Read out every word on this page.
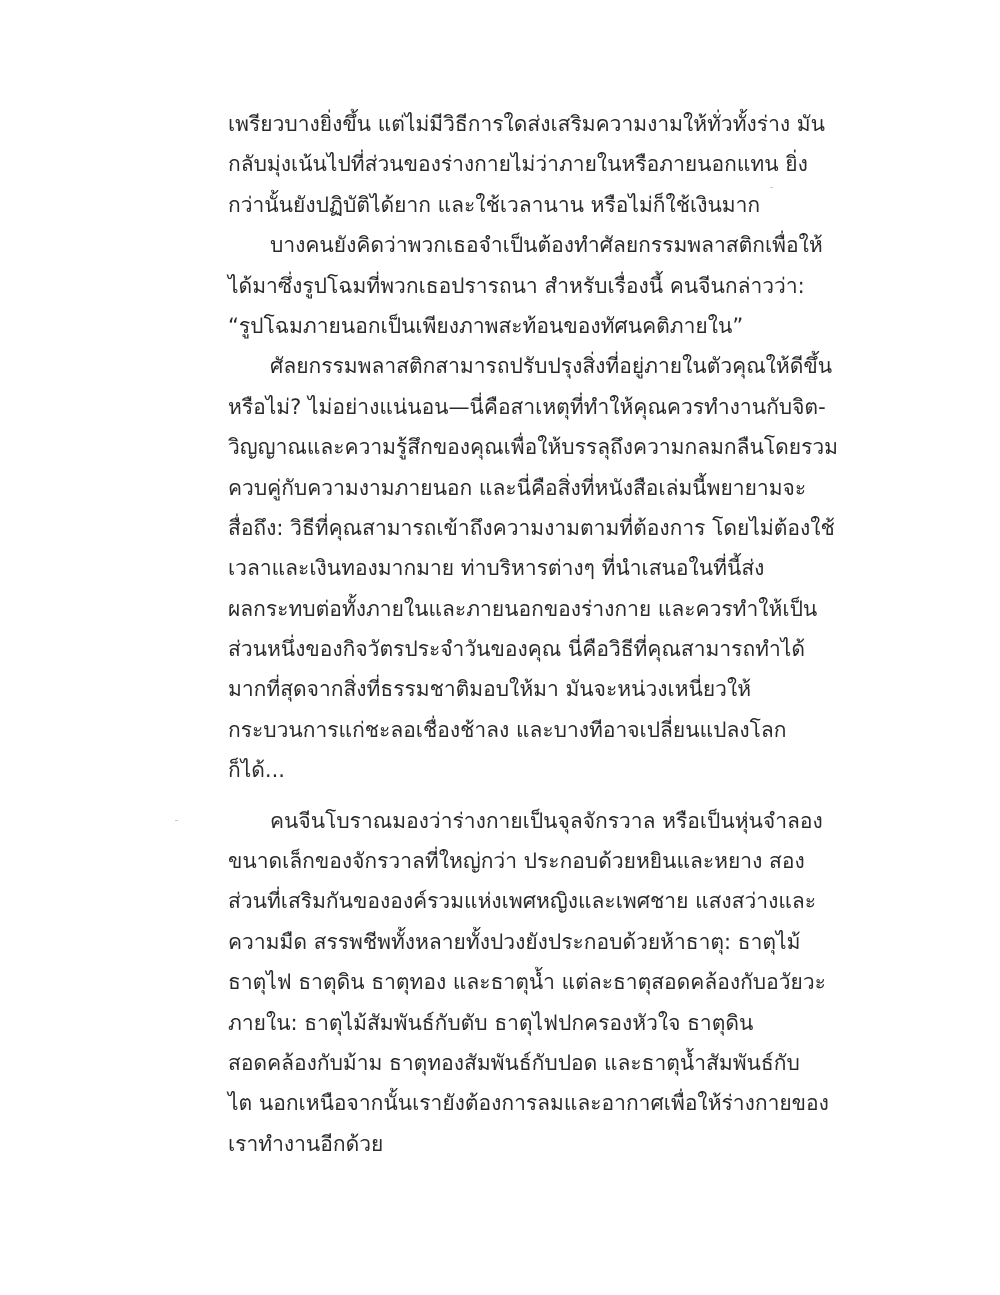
เพรียวบางยิ่งขึ้น แต่ไม่มีวิธีการใดส่งเสริมความงามให้ทั่วทั้งร่าง มัน
กลับมุ่งเน้นไปที่ส่วนของร่างกายไม่ว่าภายในหรือภายนอกแทน ยิ่ง
กว่านั้นยังปฏิบัติได้ยาก และใช้เวลานาน หรือไม่ก็ใช้เงินมาก
บางคนยังคิดว่าพวกเธอจำเป็นต้องทำศัลยกรรมพลาสติกเพื่อให้
ได้มาซึ่งรูปโฉมที่พวกเธอปรารถนา สำหรับเรื่องนี้ คนจีนกล่าวว่า:
“รูปโฉมภายนอกเป็นเพียงภาพสะท้อนของทัศนคติภายใน”
ศัลยกรรมพลาสติกสามารถปรับปรุงสิ่งที่อยู่ภายในตัวคุณให้ดีขึ้น
หรือไม่? ไม่อย่างแน่นอน—นี่คือสาเหตุที่ทำให้คุณควรทำงานกับจิต-
วิญญาณและความรู้สึกของคุณเพื่อให้บรรลุถึงความกลมกลืนโดยรวม
ควบคู่กับความงามภายนอก และนี่คือสิ่งที่หนังสือเล่มนี้พยายามจะ
สื่อถึง: วิธีที่คุณสามารถเข้าถึงความงามตามที่ต้องการ โดยไม่ต้องใช้
เวลาและเงินทองมากมาย ท่าบริหารต่างๆ ที่นำเสนอในที่นี้ส่ง
ผลกระทบต่อทั้งภายในและภายนอกของร่างกาย และควรทำให้เป็น
ส่วนหนึ่งของกิจวัตรประจำวันของคุณ นี่คือวิธีที่คุณสามารถทำได้
มากที่สุดจากสิ่งที่ธรรมชาติมอบให้มา มันจะหน่วงเหนี่ยวให้
กระบวนการแก่ชะลอเชื่องช้าลง และบางทีอาจเปลี่ยนแปลงโลก
ก็ได้...
คนจีนโบราณมองว่าร่างกายเป็นจุลจักรวาล หรือเป็นหุ่นจำลอง
ขนาดเล็กของจักรวาลที่ใหญ่กว่า ประกอบด้วยหยินและหยาง สอง
ส่วนที่เสริมกันขององค์รวมแห่งเพศหญิงและเพศชาย แสงสว่างและ
ความมืด สรรพชีพทั้งหลายทั้งปวงยังประกอบด้วยห้าธาตุ: ธาตุไม้
ธาตุไฟ ธาตุดิน ธาตุทอง และธาตุน้ำ แต่ละธาตุสอดคล้องกับอวัยวะ
ภายใน: ธาตุไม้สัมพันธ์กับตับ ธาตุไฟปกครองหัวใจ ธาตุดิน
สอดคล้องกับม้าม ธาตุทองสัมพันธ์กับปอด และธาตุน้ำสัมพันธ์กับ
ไต นอกเหนือจากนั้นเรายังต้องการลมและอากาศเพื่อให้ร่างกายของ
เราทำงานอีกด้วย
